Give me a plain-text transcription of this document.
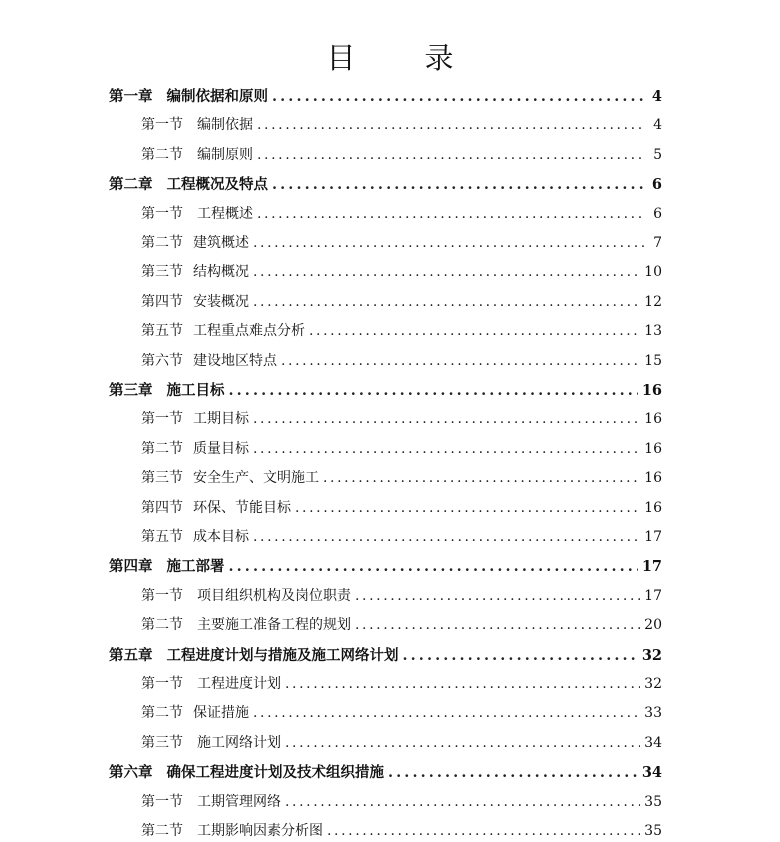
目　录
第一章 编制依据和原则 .....	4
第一节 编制依据 .....	4
第二节 编制原则 .....	5
第二章 工程概况及特点 .....	6
第一节 工程概述 .....	6
第二节 建筑概述 .....	7
第三节 结构概况 .....	10
第四节 安装概况 .....	12
第五节 工程重点难点分析 .....	13
第六节 建设地区特点 .....	15
第三章 施工目标 .....	16
第一节 工期目标 .....	16
第二节 质量目标 .....	16
第三节 安全生产、文明施工 .....	16
第四节 环保、节能目标 .....	16
第五节 成本目标 .....	17
第四章 施工部署 .....	17
第一节 项目组织机构及岗位职责 .....	17
第二节 主要施工准备工程的规划 .....	20
第五章 工程进度计划与措施及施工网络计划 .....	32
第一节 工程进度计划 .....	32
第二节 保证措施 .....	33
第三节 施工网络计划 .....	34
第六章 确保工程进度计划及技术组织措施 .....	34
第一节 工期管理网络 .....	35
第二节 工期影响因素分析图 .....	35
